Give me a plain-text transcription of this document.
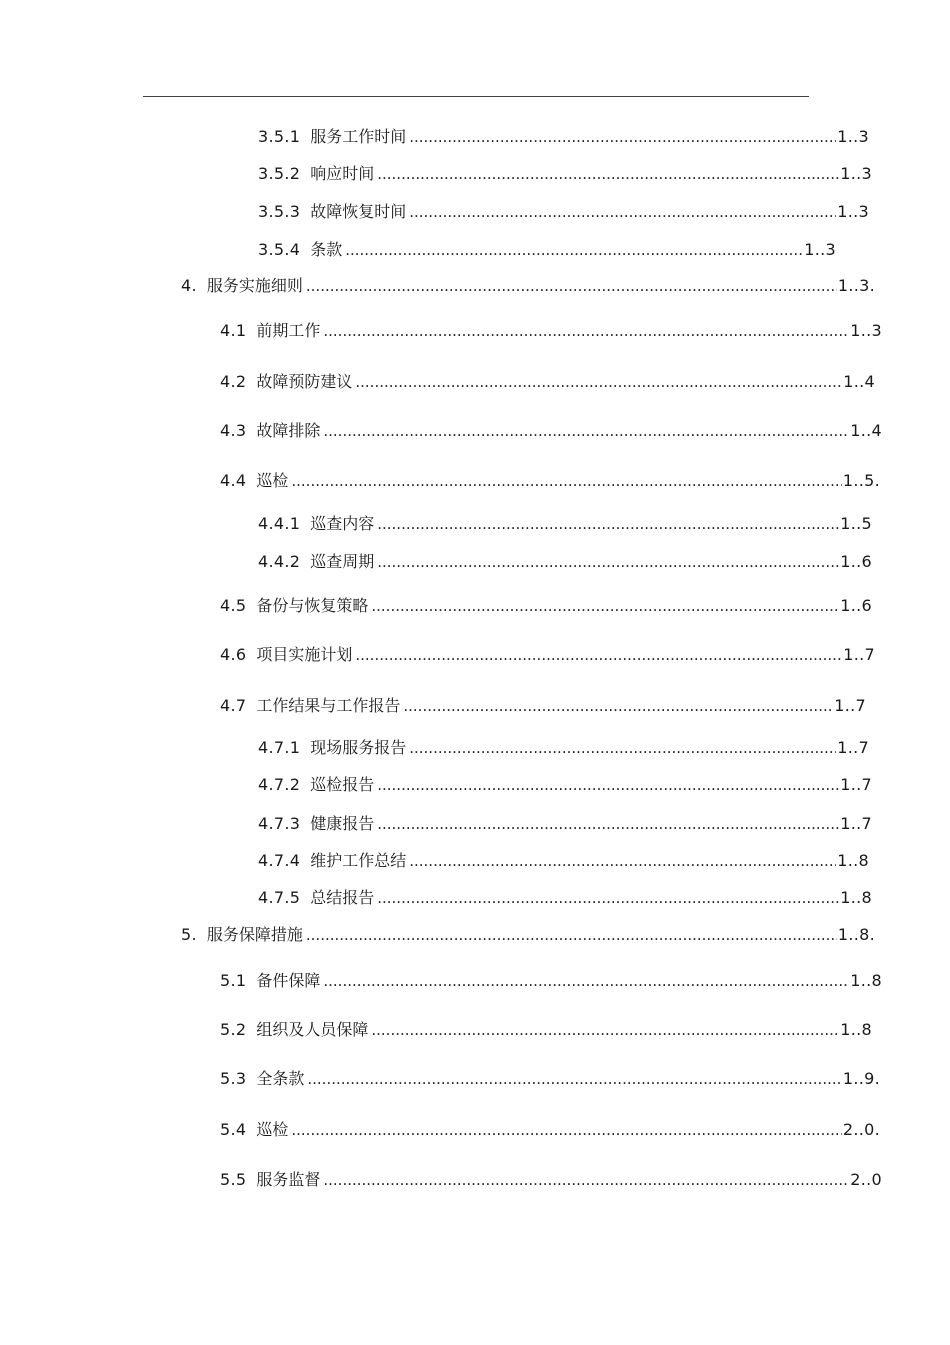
3.5.1 服务工作时间 .....	1..3
3.5.2 响应时间 .....	1..3
3.5.3 故障恢复时间 .....	1..3
3.5.4 条款 .....	1..3
4. 服务实施细则 .....	1..3.
4.1 前期工作 .....	1..3
4.2 故障预防建议 .....	1..4
4.3 故障排除 .....	1..4
4.4 巡检 .....	1..5.
4.4.1 巡查内容 .....	1..5
4.4.2 巡查周期 .....	1..6
4.5 备份与恢复策略 .....	1..6
4.6 项目实施计划 .....	1..7
4.7 工作结果与工作报告 .....	1..7
4.7.1 现场服务报告 .....	1..7
4.7.2 巡检报告 .....	1..7
4.7.3 健康报告 .....	1..7
4.7.4 维护工作总结 .....	1..8
4.7.5 总结报告 .....	1..8
5. 服务保障措施 .....	1..8.
5.1 备件保障 .....	1..8
5.2 组织及人员保障 .....	1..8
5.3 全条款 .....	1..9.
5.4 巡检 .....	2..0.
5.5 服务监督 .....	2..0
